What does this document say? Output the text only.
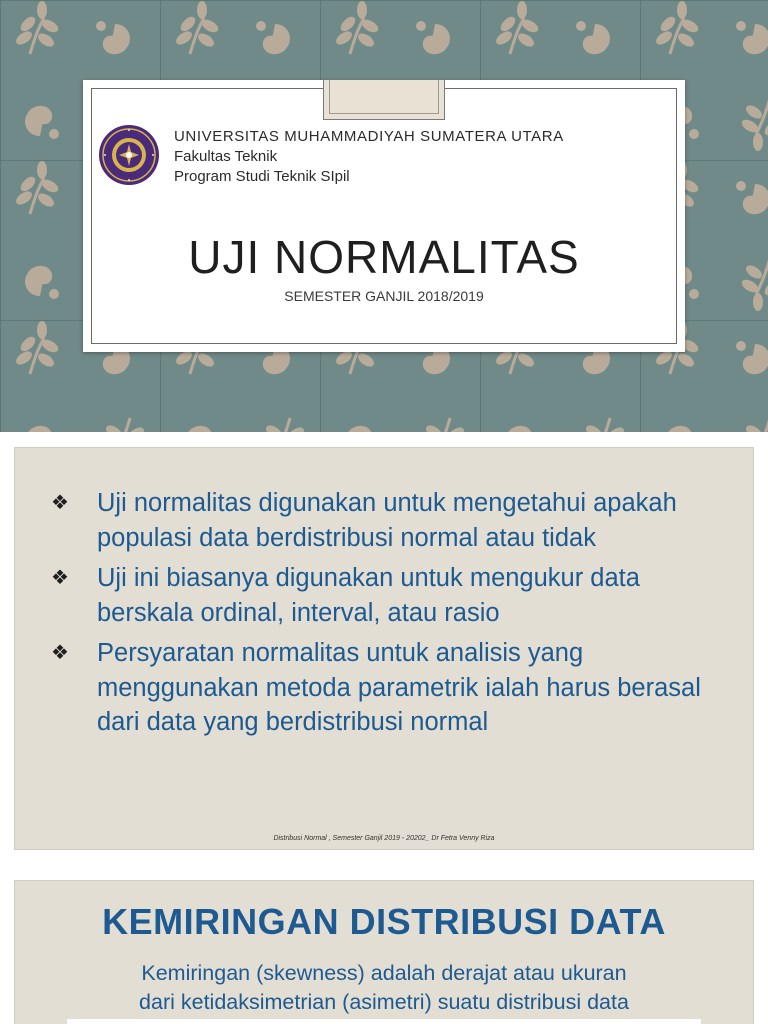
UNIVERSITAS MUHAMMADIYAH SUMATERA UTARA
Fakultas Teknik
Program Studi Teknik SIpil
UJI NORMALITAS
SEMESTER GANJIL 2018/2019
❖ Uji normalitas digunakan untuk mengetahui apakah populasi data berdistribusi normal atau tidak
❖ Uji ini biasanya digunakan untuk mengukur data berskala ordinal, interval, atau rasio
❖ Persyaratan normalitas untuk analisis yang menggunakan metoda parametrik ialah harus berasal dari data yang berdistribusi normal
Distribusi Normal , Semester Ganjil 2019 - 20202_ Dr Fetra Venny Riza
KEMIRINGAN DISTRIBUSI DATA
Kemiringan (skewness) adalah derajat atau ukuran
dari ketidaksimetrian (asimetri) suatu distribusi data
